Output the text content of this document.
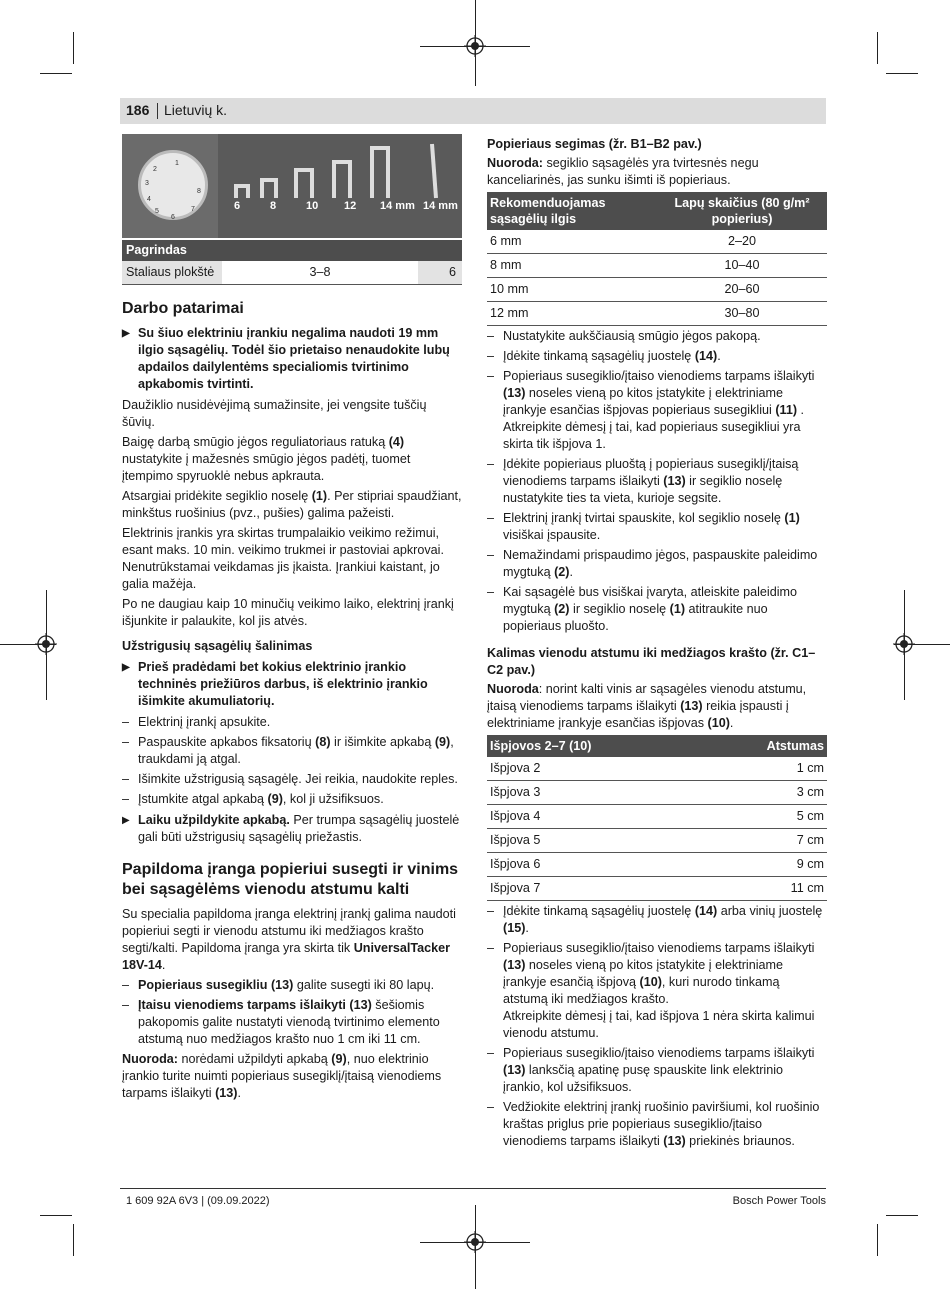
186 Lietuvių k.
1
2
3
4
5
6
7
8
6	8	10 12 14 mm 14 mm
Pagrindas
Staliaus plokštė	3–8	6
Darbo patarimai
▶ Su šiuo elektriniu įrankiu negalima naudoti 19 mm ilgio sąsagėlių. Todėl šio prietaiso nenaudokite lubų apdailos dailylentėms specialiomis tvirtinimo apkabomis tvirtinti.

Daužiklio nusidėvėjimą sumažinsite, jei vengsite tuščių šūvių.

Baigę darbą smūgio jėgos reguliatoriaus ratuką (4) nustatykite į mažesnės smūgio jėgos padėtį, tuomet įtempimo spyruoklė nebus apkrauta.

Atsargiai pridėkite segiklio noselę (1). Per stipriai spaudžiant, minkštus ruošinius (pvz., pušies) galima pažeisti.

Elektrinis įrankis yra skirtas trumpalaikio veikimo režimui, esant maks. 10 min. veikimo trukmei ir pastoviai apkrovai. Nenutrūkstamai veikdamas jis įkaista. Įrankiui kaistant, jo galia mažėja.

Po ne daugiau kaip 10 minučių veikimo laiko, elektrinį įrankį išjunkite ir palaukite, kol jis atvės.

Užstrigusių sąsagėlių šalinimas
▶ Prieš pradėdami bet kokius elektrinio įrankio techninės priežiūros darbus, iš elektrinio įrankio išimkite akumuliatorių.
– Elektrinį įrankį apsukite.
– Paspauskite apkabos fiksatorių (8) ir išimkite apkabą (9), traukdami ją atgal.
– Išimkite užstrigusią sąsagėlę. Jei reikia, naudokite reples.
– Įstumkite atgal apkabą (9), kol ji užsifiksuos.
▶ Laiku užpildykite apkabą. Per trumpa sąsagėlių juostelė gali būti užstrigusių sąsagėlių priežastis.
Papildoma įranga popieriui susegti ir vinims bei sąsagėlėms vienodu atstumu kalti

Su specialia papildoma įranga elektrinį įrankį galima naudoti popieriui segti ir vienodu atstumu iki medžiagos krašto segti/kalti. Papildoma įranga yra skirta tik UniversalTacker 18V-14.

– Popieriaus susegikliu (13) galite susegti iki 80 lapų.
– Įtaisu vienodiems tarpams išlaikyti (13) šešiomis pakopomis galite nustatyti vienodą tvirtinimo elemento atstumą nuo medžiagos krašto nuo 1 cm iki 11 cm.

Nuoroda: norėdami užpildyti apkabą (9), nuo elektrinio įrankio turite nuimti popieriaus susegiklį/įtaisą vienodiems tarpams išlaikyti (13).

Popieriaus segimas (žr. B1–B2 pav.)

Nuoroda: segiklio sąsagėlės yra tvirtesnės negu kanceliarinės, jas sunku išimti iš popieriaus.

Rekomenduojamas sąsagėlių ilgis	Lapų skaičius (80 g/m² popierius)
6 mm	2–20
8 mm	10–40
10 mm	20–60
12 mm	30–80
– Nustatykite aukščiausią smūgio jėgos pakopą.
– Įdėkite tinkamą sąsagėlių juostelę (14).
– Popieriaus susegiklio/įtaiso vienodiems tarpams išlaikyti (13) noseles vieną po kitos įstatykite į elektriniame įrankyje esančias išpjovas popieriaus susegikliui (11) .
Atkreipkite dėmesį į tai, kad popieriaus susegikliui yra skirta tik išpjova 1.
– Įdėkite popieriaus pluoštą į popieriaus susegiklį/įtaisą vienodiems tarpams išlaikyti (13) ir segiklio noselę nustatykite ties ta vieta, kurioje segsite.
– Elektrinį įrankį tvirtai spauskite, kol segiklio noselę (1) visiškai įspausite.
– Nemažindami prispaudimo jėgos, paspauskite paleidimo mygtuką (2).
– Kai sąsagėlė bus visiškai įvaryta, atleiskite paleidimo mygtuką (2) ir segiklio noselę (1) atitraukite nuo popieriaus pluošto.
Kalimas vienodu atstumu iki medžiagos krašto (žr. C1–C2 pav.)

Nuoroda: norint kalti vinis ar sąsagėles vienodu atstumu, įtaisą vienodiems tarpams išlaikyti (13) reikia įspausti į elektriniame įrankyje esančias išpjovas (10).

Išpjovos 2–7 (10)	Atstumas
Išpjova 2	1 cm
Išpjova 3	3 cm
Išpjova 4	5 cm
Išpjova 5	7 cm
Išpjova 6	9 cm
Išpjova 7	11 cm
– Įdėkite tinkamą sąsagėlių juostelę (14) arba vinių juostelę (15).
– Popieriaus susegiklio/įtaiso vienodiems tarpams išlaikyti (13) noseles vieną po kitos įstatykite į elektriniame įrankyje esančią išpjovą (10), kuri nurodo tinkamą atstumą iki medžiagos krašto.
Atkreipkite dėmesį į tai, kad išpjova 1 nėra skirta kalimui vienodu atstumu.
– Popieriaus susegiklio/įtaiso vienodiems tarpams išlaikyti (13) lanksčią apatinę pusę spauskite link elektrinio įrankio, kol užsifiksuos.
– Vedžiokite elektrinį įrankį ruošinio paviršiumi, kol ruošinio kraštas priglus prie popieriaus susegiklio/įtaiso vienodiems tarpams išlaikyti (13) priekinės briaunos.
1 609 92A 6V3 | (09.09.2022)	Bosch Power Tools
